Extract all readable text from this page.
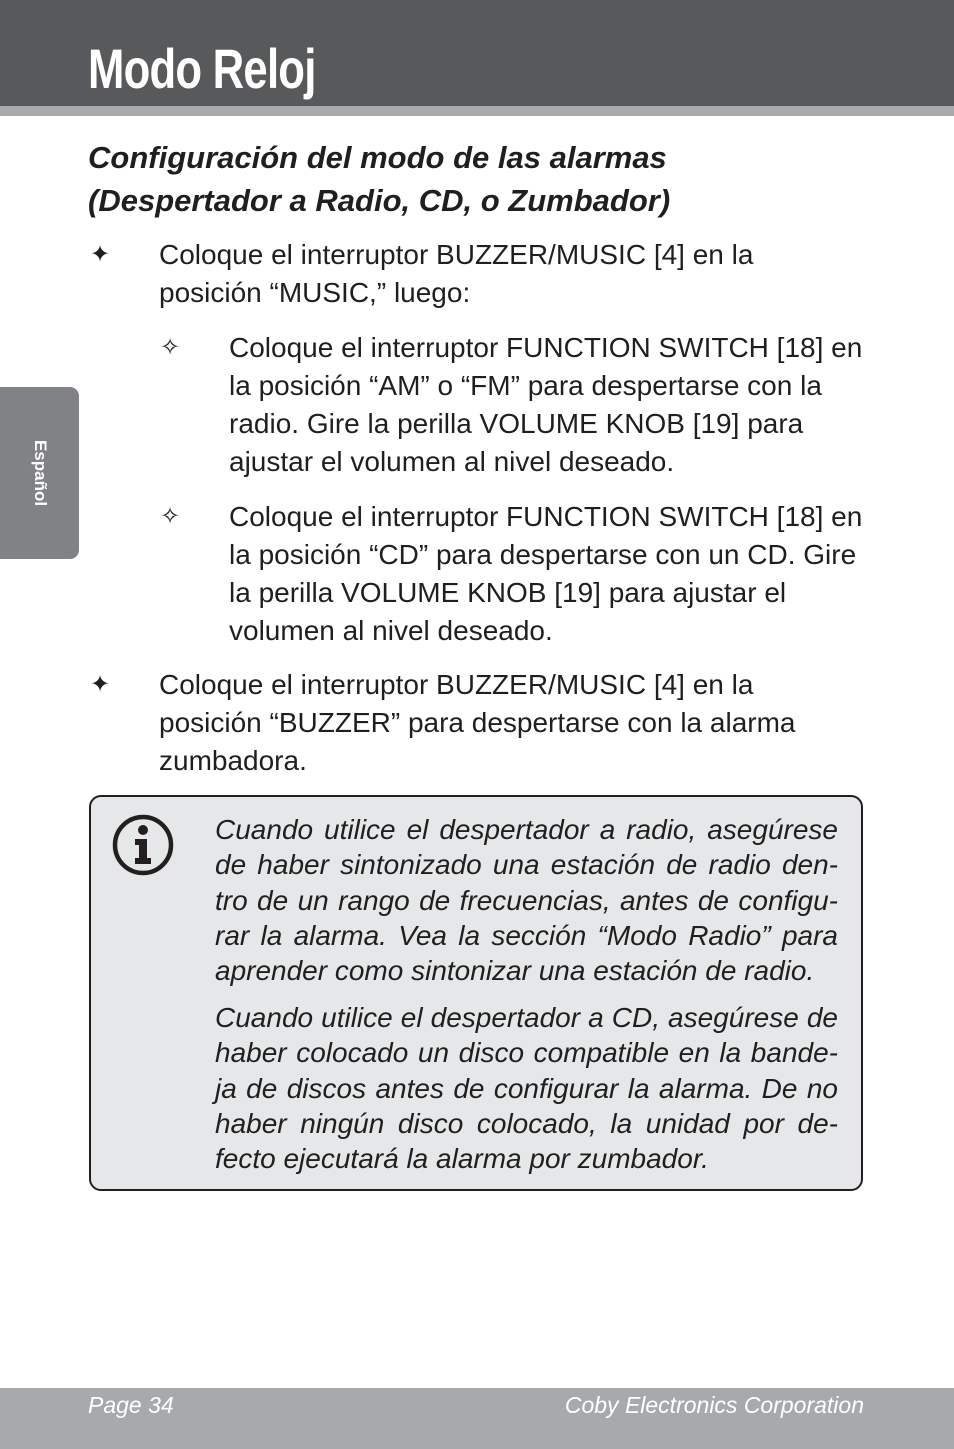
Modo Reloj
Español
Configuración del modo de las alarmas
(Despertador a Radio, CD, o Zumbador)
✦ Coloque el interruptor BUZZER/MUSIC [4] en la posición “MUSIC,” luego:
✧ Coloque el interruptor FUNCTION SWITCH [18] en la posición “AM” o “FM” para despertarse con la radio. Gire la perilla VOLUME KNOB [19] para ajustar el volumen al nivel deseado.
✧ Coloque el interruptor FUNCTION SWITCH [18] en la posición “CD” para despertarse con un CD. Gire la perilla VOLUME KNOB [19] para ajustar el volumen al nivel deseado.
✦ Coloque el interruptor BUZZER/MUSIC [4] en la posición “BUZZER” para despertarse con la alarma zumbadora.

Cuando utilice el despertador a radio, asegúrese de haber sintonizado una estación de radio den-tro de un rango de frecuencias, antes de configu-rar la alarma. Vea la sección “Modo Radio” para aprender como sintonizar una estación de radio.

Cuando utilice el despertador a CD, asegúrese de haber colocado un disco compatible en la bande-ja de discos antes de configurar la alarma. De no haber ningún disco colocado, la unidad por de-fecto ejecutará la alarma por zumbador.

Page 34	Coby Electronics Corporation
